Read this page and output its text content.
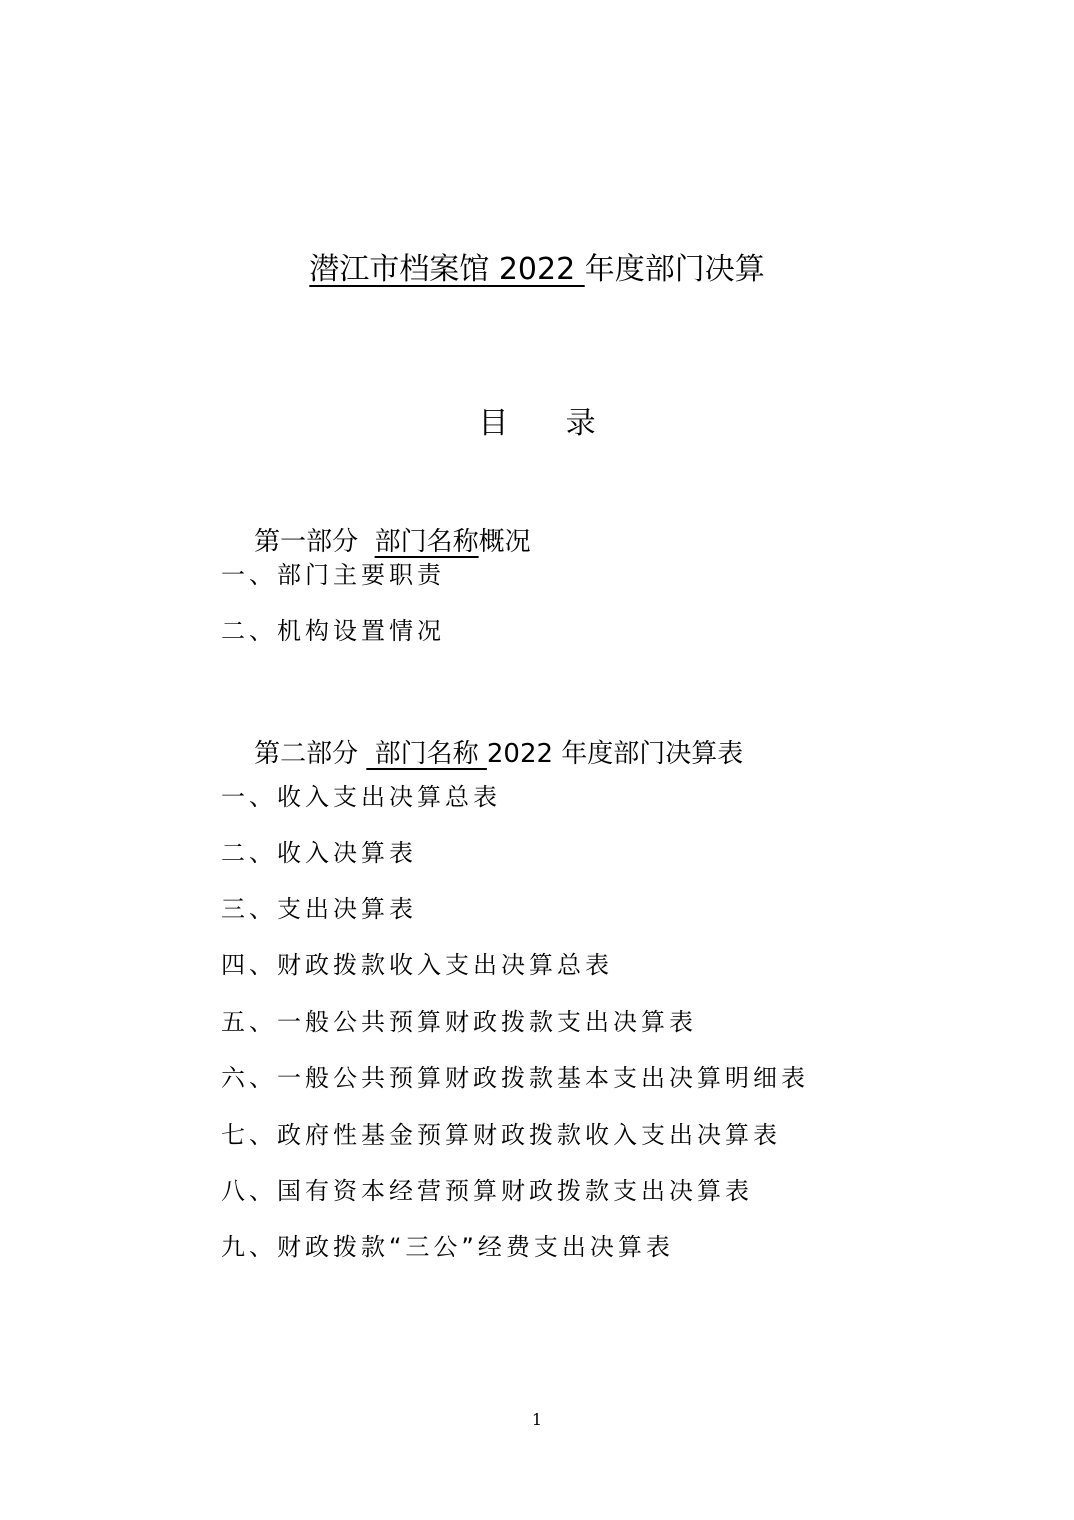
潜江市档案馆 2022 年度部门决算
目      录

第一部分  部门名称概况

一、部门主要职责
二、机构设置情况

第二部分  部门名称 2022 年度部门决算表

一、收入支出决算总表
二、收入决算表
三、支出决算表
四、财政拨款收入支出决算总表
五、一般公共预算财政拨款支出决算表
六、一般公共预算财政拨款基本支出决算明细表
七、政府性基金预算财政拨款收入支出决算表
八、国有资本经营预算财政拨款支出决算表
九、财政拨款“三公”经费支出决算表
1
